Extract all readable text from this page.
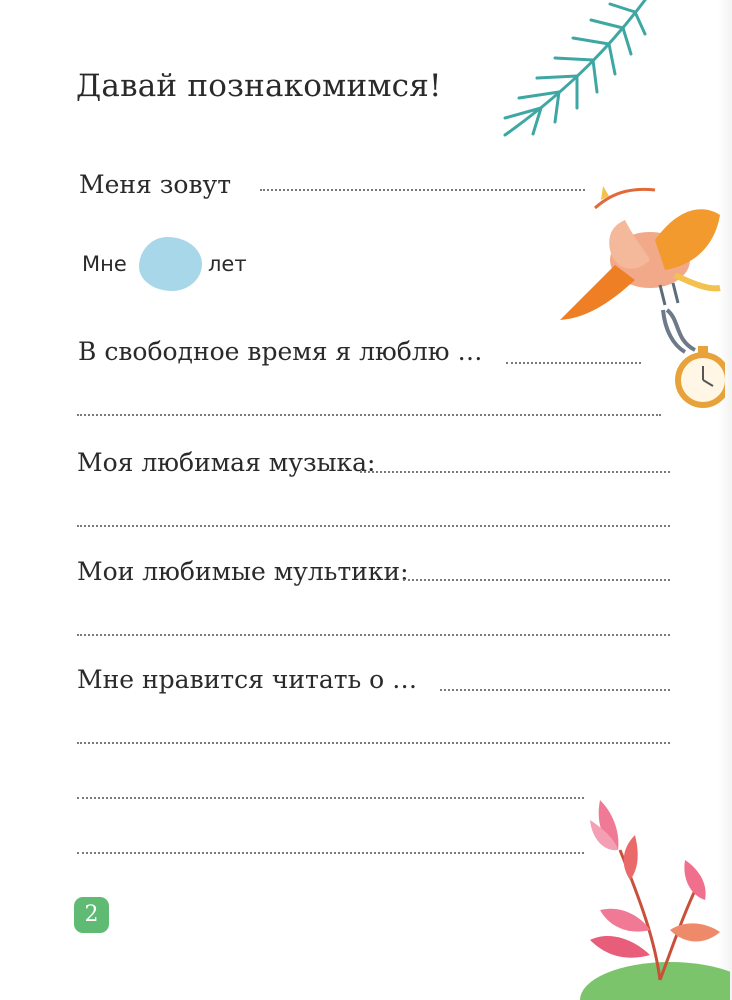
Давай познакомимся!
Меня зовут
Мне	лет
В свободное время я люблю …
Моя любимая музыка:
Мои любимые мультики:
Мне нравится читать о …
2
